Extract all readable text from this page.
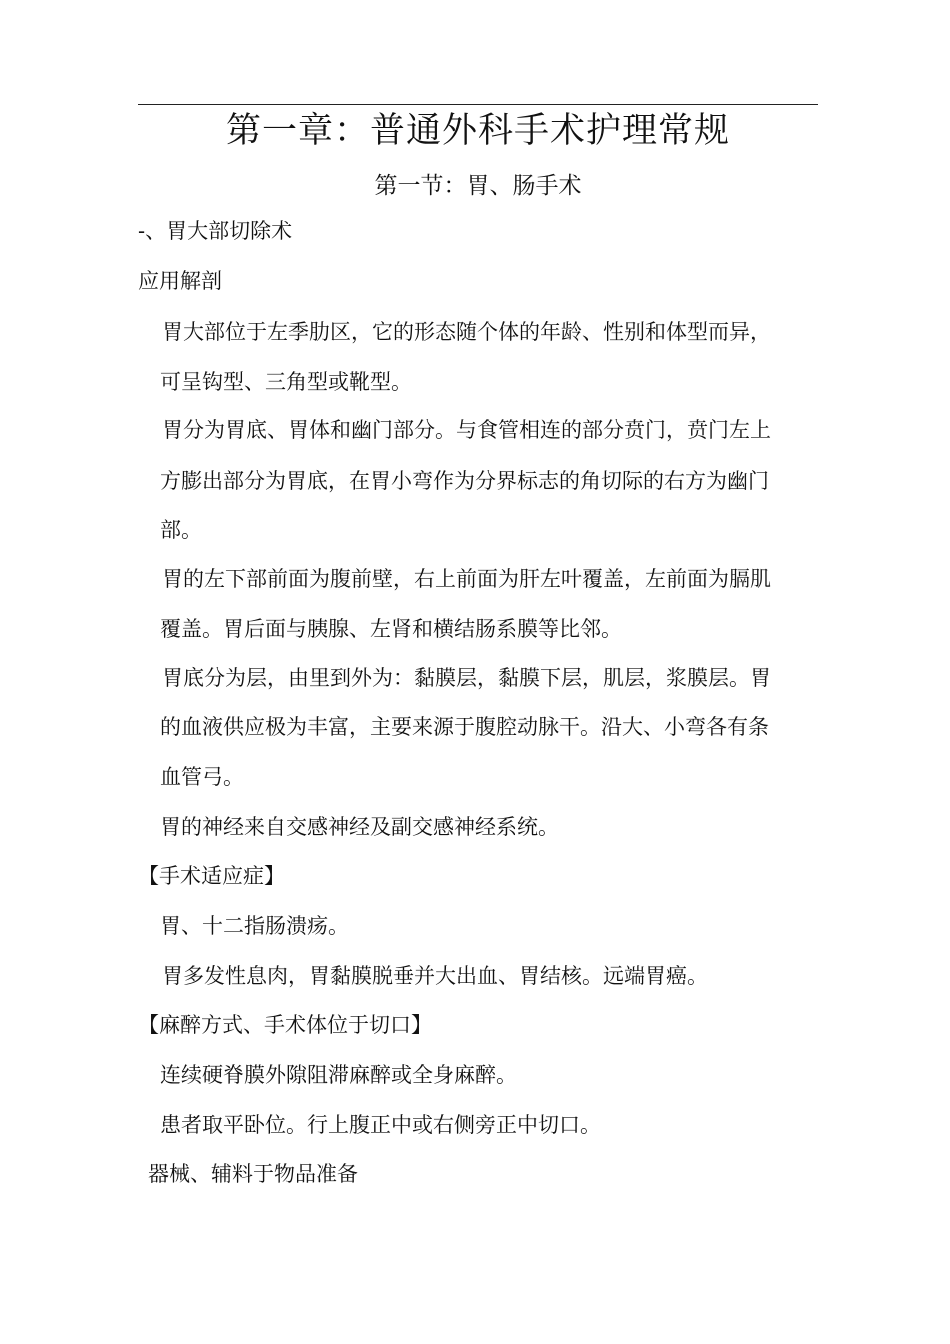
第一章：普通外科手术护理常规
第一节：胃、肠手术
-、胃大部切除术
应用解剖
胃大部位于左季肋区，它的形态随个体的年龄、性别和体型而异，
可呈钩型、三角型或靴型。
胃分为胃底、胃体和幽门部分。与食管相连的部分贲门，贲门左上
方膨出部分为胃底，在胃小弯作为分界标志的角切际的右方为幽门
部。
胃的左下部前面为腹前壁，右上前面为肝左叶覆盖，左前面为膈肌
覆盖。胃后面与胰腺、左肾和横结肠系膜等比邻。
胃底分为层，由里到外为：黏膜层，黏膜下层，肌层，浆膜层。胃
的血液供应极为丰富，主要来源于腹腔动脉干。沿大、小弯各有条
血管弓。
胃的神经来自交感神经及副交感神经系统。
【手术适应症】
胃、十二指肠溃疡。
胃多发性息肉，胃黏膜脱垂并大出血、胃结核。远端胃癌。
【麻醉方式、手术体位于切口】
连续硬脊膜外隙阻滞麻醉或全身麻醉。
患者取平卧位。行上腹正中或右侧旁正中切口。
器械、辅料于物品准备
